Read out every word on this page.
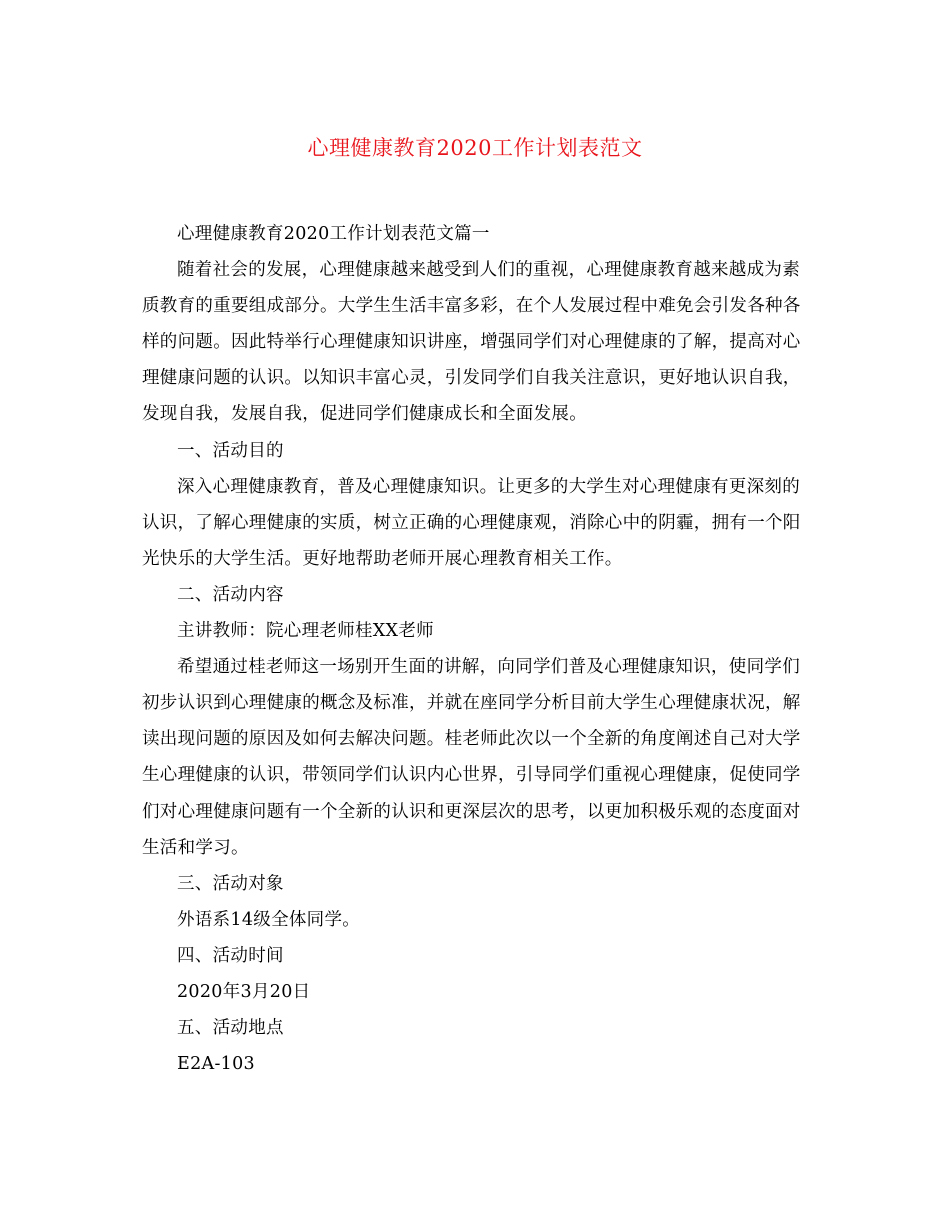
心理健康教育2020工作计划表范文

心理健康教育2020工作计划表范文篇一

随着社会的发展，心理健康越来越受到人们的重视，心理健康教育越来越成为素质教育的重要组成部分。大学生生活丰富多彩，在个人发展过程中难免会引发各种各样的问题。因此特举行心理健康知识讲座，增强同学们对心理健康的了解，提高对心理健康问题的认识。以知识丰富心灵，引发同学们自我关注意识，更好地认识自我，发现自我，发展自我，促进同学们健康成长和全面发展。

一、活动目的

深入心理健康教育，普及心理健康知识。让更多的大学生对心理健康有更深刻的认识，了解心理健康的实质，树立正确的心理健康观，消除心中的阴霾，拥有一个阳光快乐的大学生活。更好地帮助老师开展心理教育相关工作。

二、活动内容

主讲教师：院心理老师桂XX老师

希望通过桂老师这一场别开生面的讲解，向同学们普及心理健康知识，使同学们初步认识到心理健康的概念及标准，并就在座同学分析目前大学生心理健康状况，解读出现问题的原因及如何去解决问题。桂老师此次以一个全新的角度阐述自己对大学生心理健康的认识，带领同学们认识内心世界，引导同学们重视心理健康，促使同学们对心理健康问题有一个全新的认识和更深层次的思考，以更加积极乐观的态度面对生活和学习。

三、活动对象

外语系14级全体同学。

四、活动时间

2020年3月20日

五、活动地点

E2A-103
